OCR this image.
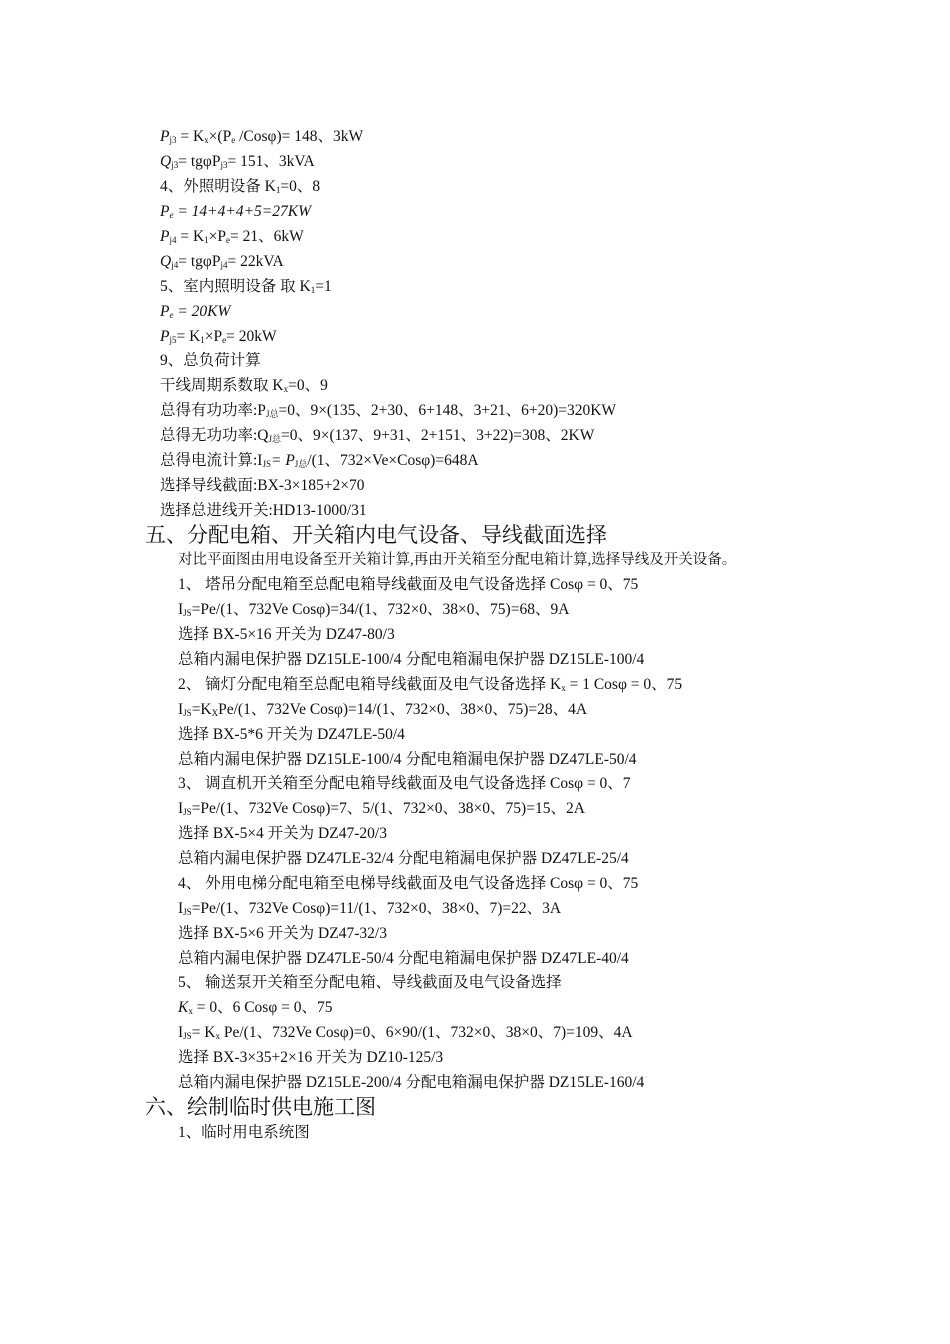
$P_{j3} = K_x\times(P_e$ /Cosφ)= 148、3kW
$Q_{j3}= tg\varphi P_{j3}= 151$、3kVA
4、外照明设备 $K_1=0$、8
$P_e = 14+4+4+5=27KW$
$P_{j4} = K_1\times P_e= 21$、6kW
$Q_{j4}= tg\varphi P_{j4}= 22kVA$
5、室内照明设备 取 $K_1=1$
$P_e = 20KW$
$P_{j5}= K_1\times P_e= 20kW$
9、总负荷计算
干线周期系数取 $K_x=0$、9
总得有功功率$:P_{J总}=0$、9×(135、2+30、6+148、3+21、6+20)=320KW
总得无功功率$:Q_{J总}=0$、9×(137、9+31、2+151、3+22)=308、2KW
总得电流计算$:I_{JS}= P_{J总}/(1$、732×Ve×Cosφ)=648A
选择导线截面:BX-3×185+2×70
选择总进线开关:HD13-1000/31
五、分配电箱、开关箱内电气设备、导线截面选择
对比平面图由用电设备至开关箱计算,再由开关箱至分配电箱计算,选择导线及开关设备。
1、 塔吊分配电箱至总配电箱导线截面及电气设备选择 Cosφ = 0、75
$I_{JS}=Pe/(1$、732Ve Cosφ)=34/(1、732×0、38×0、75)=68、9A
选择 BX-5×16 开关为 DZ47-80/3
总箱内漏电保护器 DZ15LE-100/4 分配电箱漏电保护器 DZ15LE-100/4
2、 镝灯分配电箱至总配电箱导线截面及电气设备选择 $K_x = 1$ Cosφ = 0、75
$I_{JS}=K_XPe/(1$、732Ve Cosφ)=14/(1、732×0、38×0、75)=28、4A
选择 BX-5*6 开关为 DZ47LE-50/4
总箱内漏电保护器 DZ15LE-100/4 分配电箱漏电保护器 DZ47LE-50/4
3、 调直机开关箱至分配电箱导线截面及电气设备选择 Cosφ = 0、7
$I_{JS}=Pe/(1$、732Ve Cosφ)=7、5/(1、732×0、38×0、75)=15、2A
选择 BX-5×4 开关为 DZ47-20/3
总箱内漏电保护器 DZ47LE-32/4 分配电箱漏电保护器 DZ47LE-25/4
4、 外用电梯分配电箱至电梯导线截面及电气设备选择 Cosφ = 0、75
$I_{JS}=Pe/(1$、732Ve Cosφ)=11/(1、732×0、38×0、7)=22、3A
选择 BX-5×6 开关为 DZ47-32/3
总箱内漏电保护器 DZ47LE-50/4 分配电箱漏电保护器 DZ47LE-40/4
5、 输送泵开关箱至分配电箱、导线截面及电气设备选择
$K_x = 0$、6 Cosφ = 0、75
$I_{JS}= K_x$ Pe/(1、732Ve Cosφ)=0、6×90/(1、732×0、38×0、7)=109、4A
选择 BX-3×35+2×16 开关为 DZ10-125/3
总箱内漏电保护器 DZ15LE-200/4 分配电箱漏电保护器 DZ15LE-160/4
六、绘制临时供电施工图
1、临时用电系统图
